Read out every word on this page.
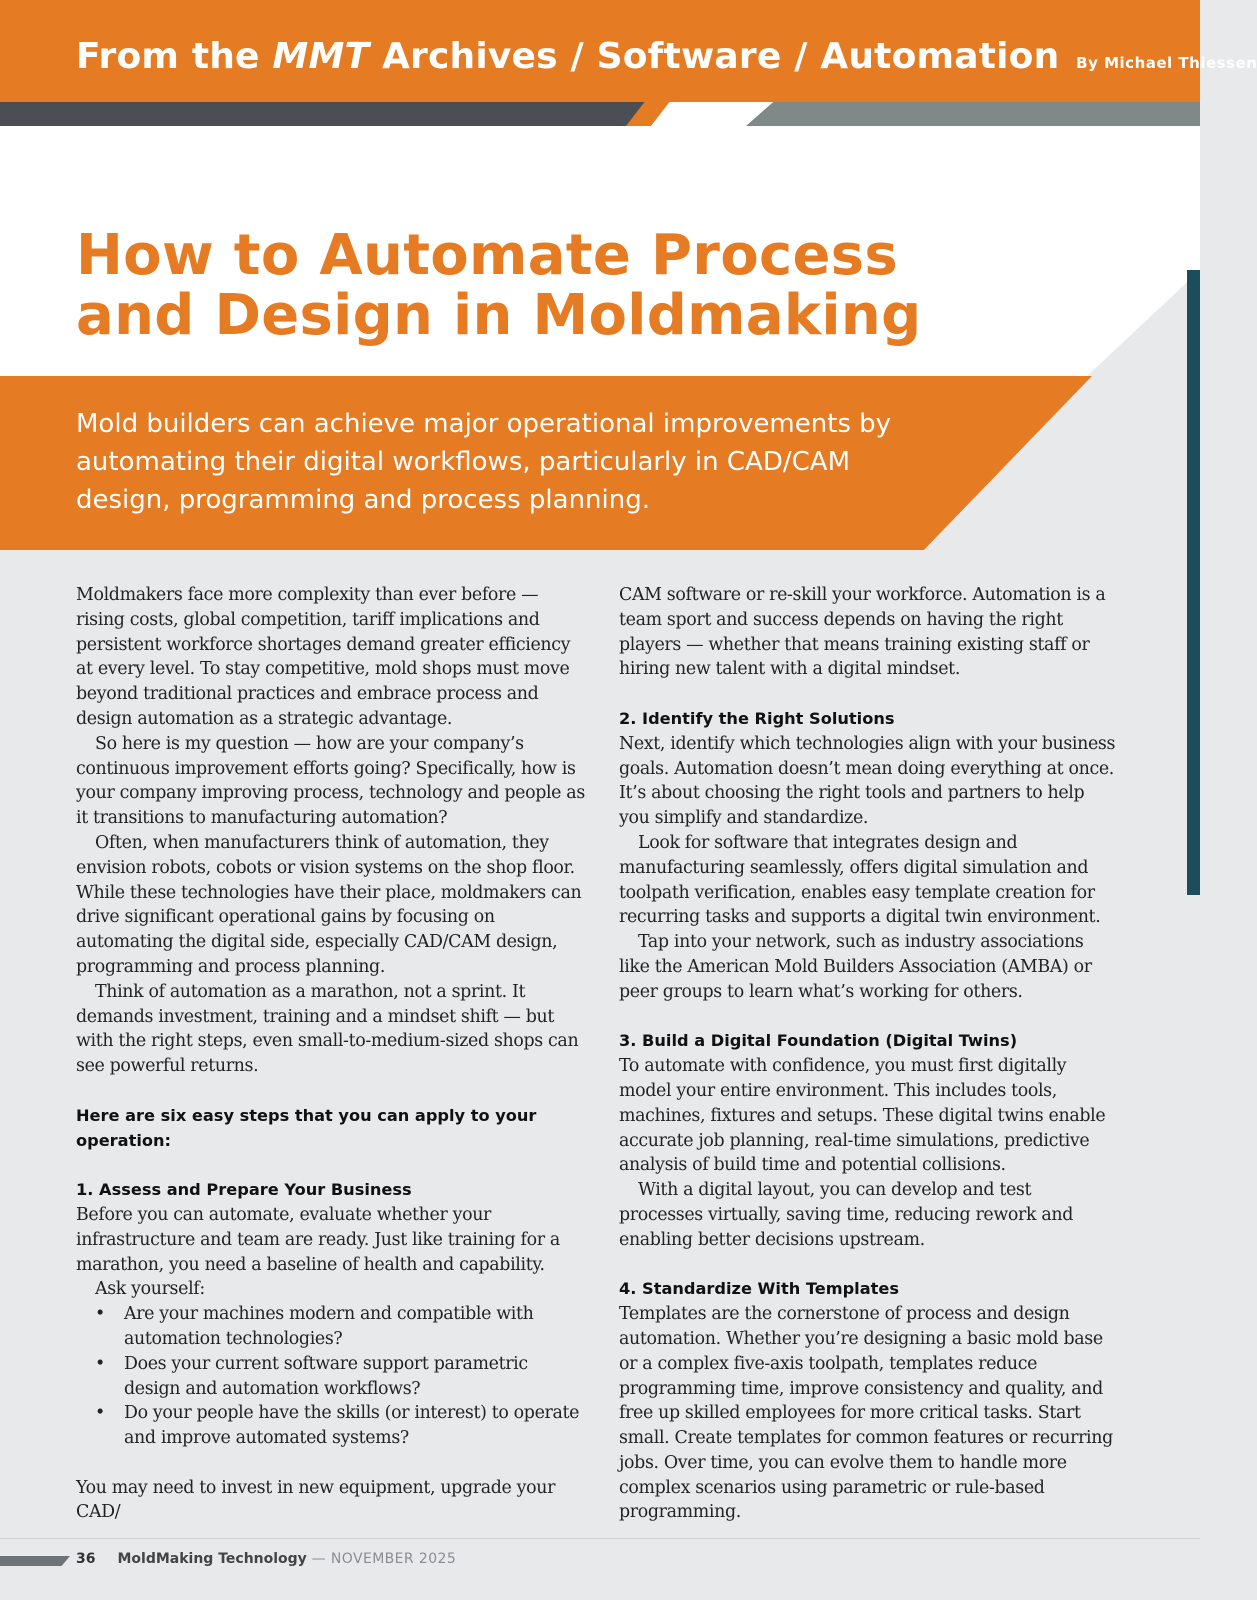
From the MMT Archives / Software / Automation By Michael Thiessen
How to Automate Process and Design in Moldmaking

Mold builders can achieve major operational improvements by automating their digital workflows, particularly in CAD/CAM design, programming and process planning.

Moldmakers face more complexity than ever before — rising costs, global competition, tariff implications and persistent workforce shortages demand greater efficiency at every level. To stay competitive, mold shops must move beyond traditional practices and embrace process and design automation as a strategic advantage.

So here is my question — how are your company’s continuous improvement efforts going? Specifically, how is your company improving process, technology and people as it transitions to manufacturing automation?

Often, when manufacturers think of automation, they envision robots, cobots or vision systems on the shop floor. While these technologies have their place, moldmakers can drive significant operational gains by focusing on automating the digital side, especially CAD/CAM design, programming and process planning.

Think of automation as a marathon, not a sprint. It demands investment, training and a mindset shift — but with the right steps, even small-to-medium-sized shops can see powerful returns.

Here are six easy steps that you can apply to your operation:
1. Assess and Prepare Your Business

Before you can automate, evaluate whether your infrastructure and team are ready. Just like training for a marathon, you need a baseline of health and capability.

Ask yourself:

• Are your machines modern and compatible with automation technologies?
• Does your current software support parametric design and automation workflows?
• Do your people have the skills (or interest) to operate and improve automated systems?

You may need to invest in new equipment, upgrade your CAD/

CAM software or re-skill your workforce. Automation is a team sport and success depends on having the right players — whether that means training existing staff or hiring new talent with a digital mindset.

2. Identify the Right Solutions

Next, identify which technologies align with your business goals. Automation doesn’t mean doing everything at once. It’s about choosing the right tools and partners to help you simplify and standardize.

Look for software that integrates design and manufacturing seamlessly, offers digital simulation and toolpath verification, enables easy template creation for recurring tasks and supports a digital twin environment.

Tap into your network, such as industry associations like the American Mold Builders Association (AMBA) or peer groups to learn what’s working for others.

3. Build a Digital Foundation (Digital Twins)

To automate with confidence, you must first digitally model your entire environment. This includes tools, machines, fixtures and setups. These digital twins enable accurate job planning, real-time simulations, predictive analysis of build time and potential collisions.

With a digital layout, you can develop and test processes virtually, saving time, reducing rework and enabling better decisions upstream.

4. Standardize With Templates

Templates are the cornerstone of process and design automation. Whether you’re designing a basic mold base or a complex five-axis toolpath, templates reduce programming time, improve consistency and quality, and free up skilled employees for more critical tasks. Start small. Create templates for common features or recurring jobs. Over time, you can evolve them to handle more complex scenarios using parametric or rule-based programming.

36 MoldMaking Technology — NOVEMBER 2025
